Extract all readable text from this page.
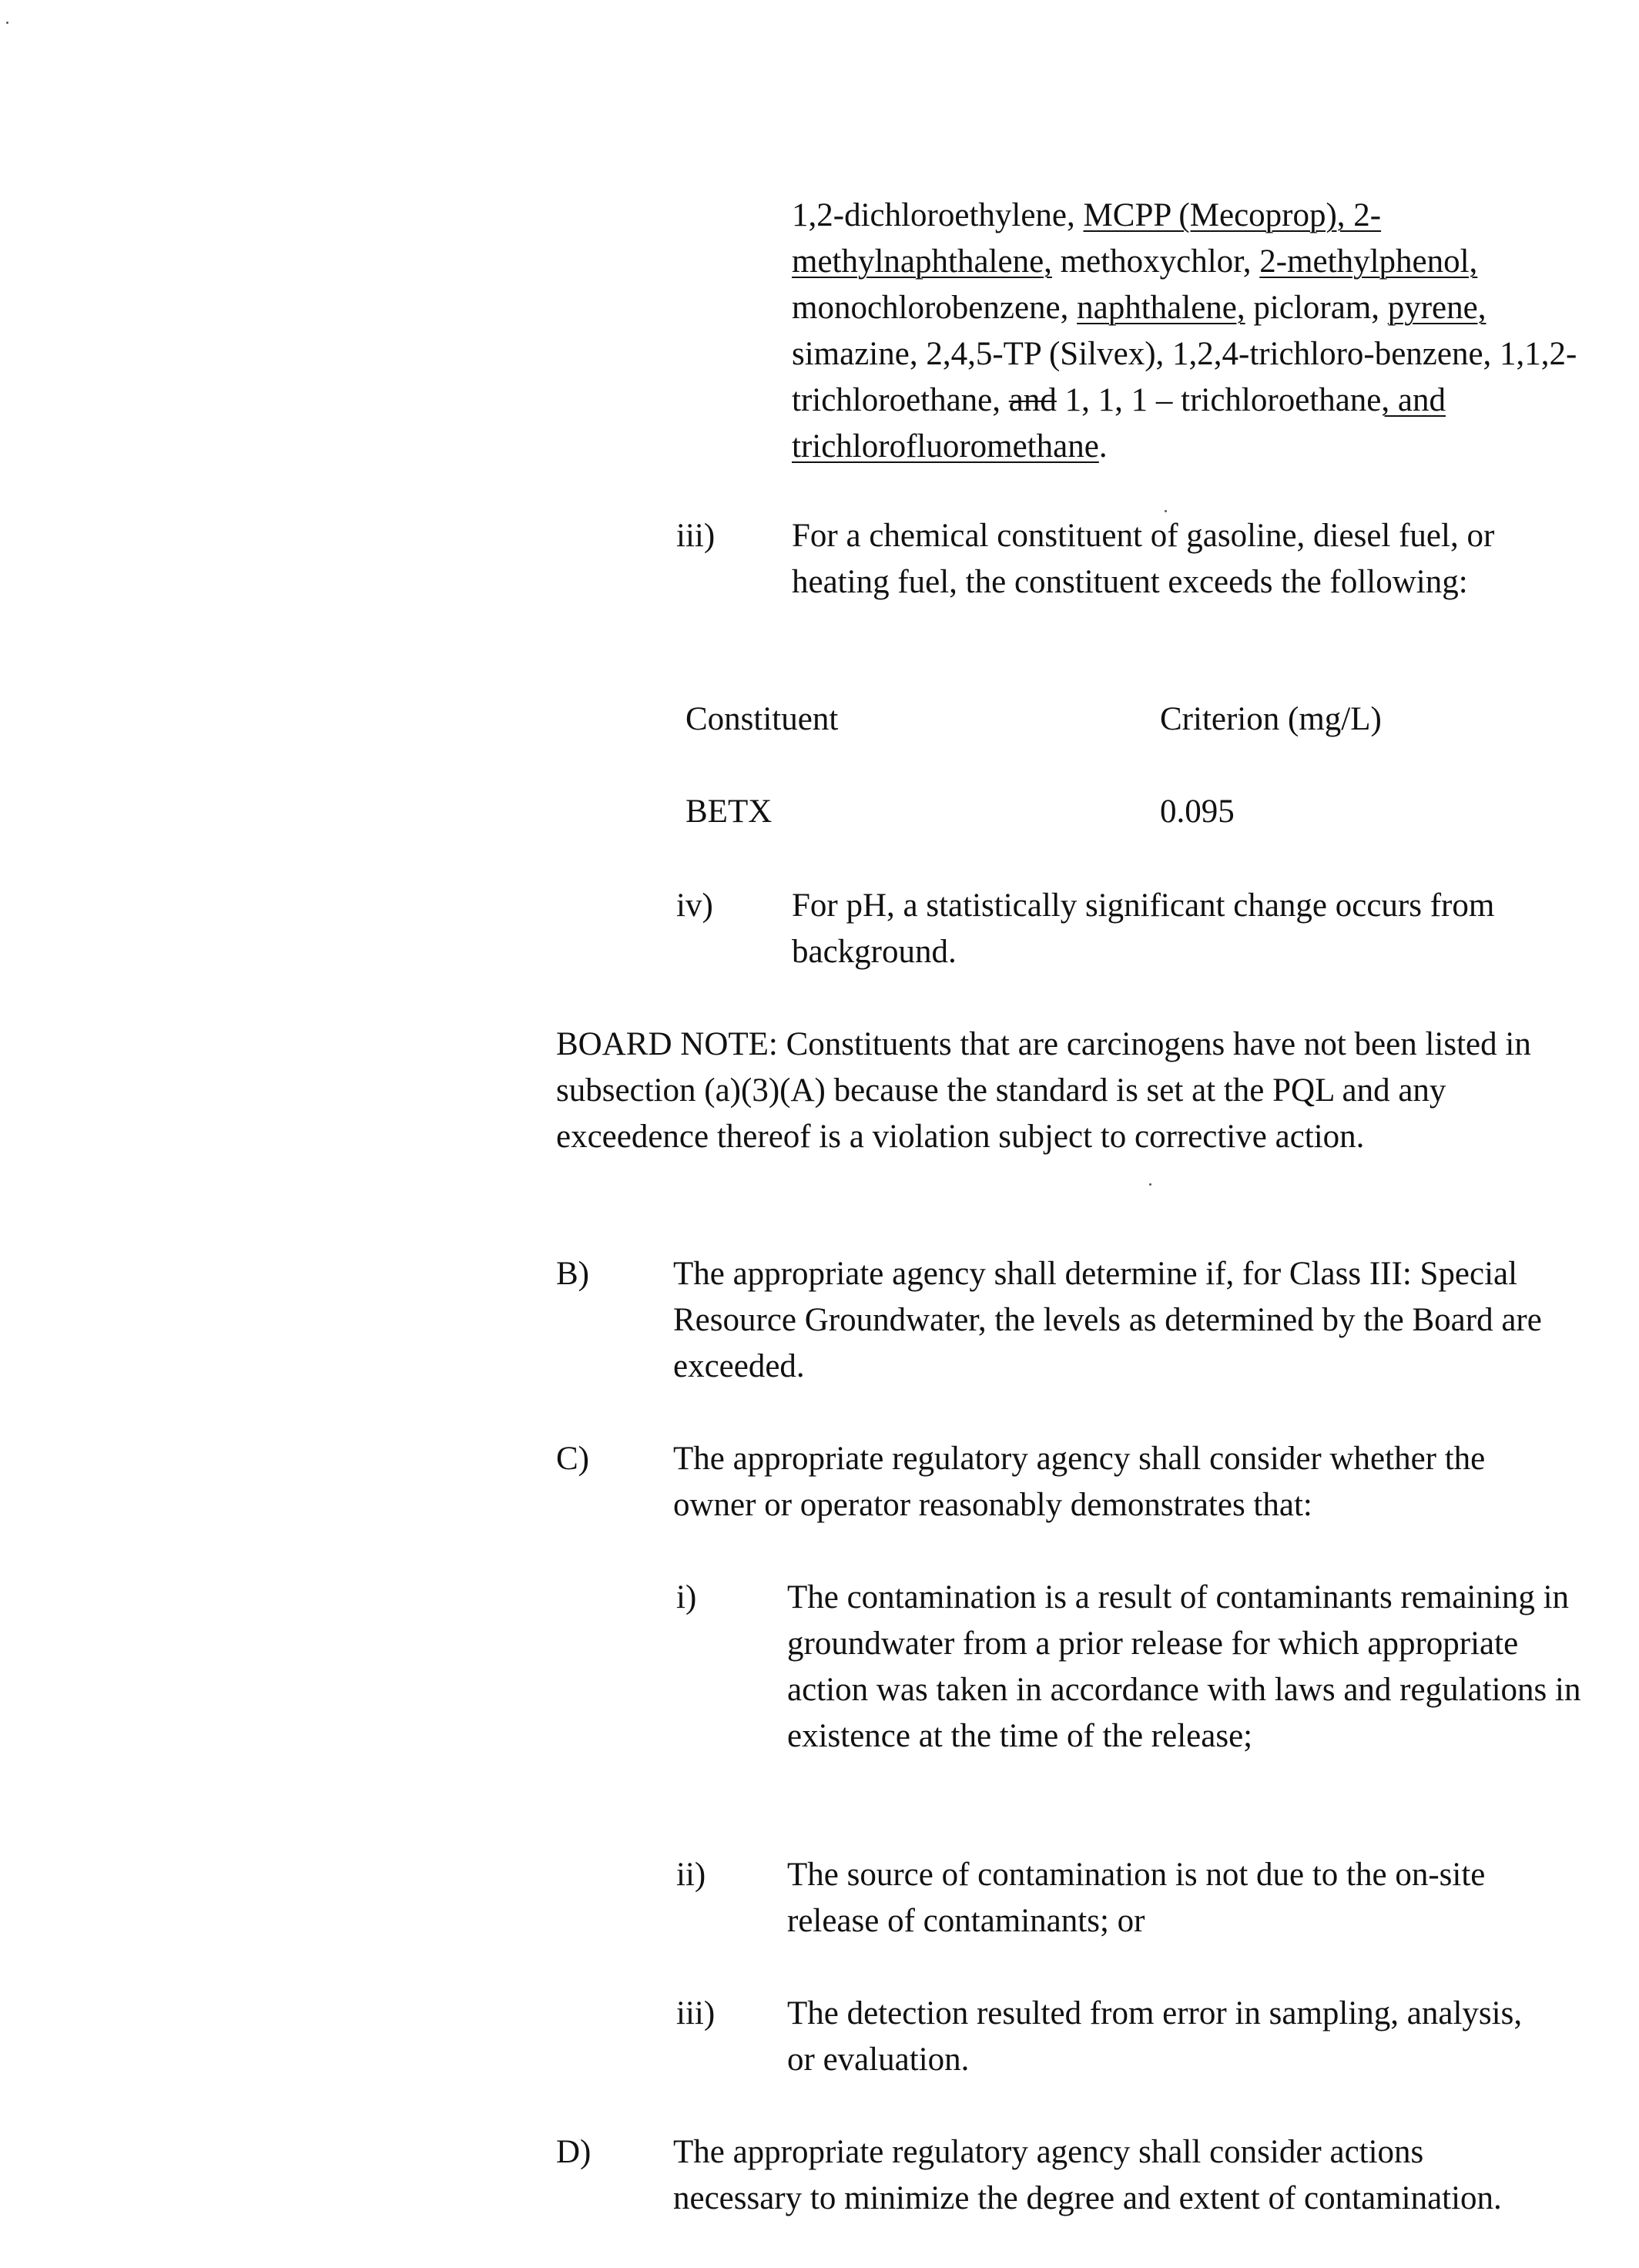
1,2-dichloroethylene, MCPP (Mecoprop), 2-methylnaphthalene, methoxychlor, 2-methylphenol, monochlorobenzene, naphthalene, picloram, pyrene, simazine, 2,4,5-TP (Silvex), 1,2,4-trichloro-benzene, 1,1,2-trichloroethane, and 1, 1, 1 – trichloroethane, and trichlorofluoromethane.
iii) For a chemical constituent of gasoline, diesel fuel, or heating fuel, the constituent exceeds the following:
Constituent	Criterion (mg/L)
BETX	0.095
iv) For pH, a statistically significant change occurs from background.
BOARD NOTE: Constituents that are carcinogens have not been listed in subsection (a)(3)(A) because the standard is set at the PQL and any exceedence thereof is a violation subject to corrective action.
B)	The appropriate agency shall determine if, for Class III: Special Resource Groundwater, the levels as determined by the Board are exceeded.
C)	The appropriate regulatory agency shall consider whether the owner or operator reasonably demonstrates that:
i)	The contamination is a result of contaminants remaining in groundwater from a prior release for which appropriate action was taken in accordance with laws and regulations in existence at the time of the release;
ii) The source of contamination is not due to the on-site release of contaminants; or
iii) The detection resulted from error in sampling, analysis, or evaluation.
D) The appropriate regulatory agency shall consider actions necessary to minimize the degree and extent of contamination.
